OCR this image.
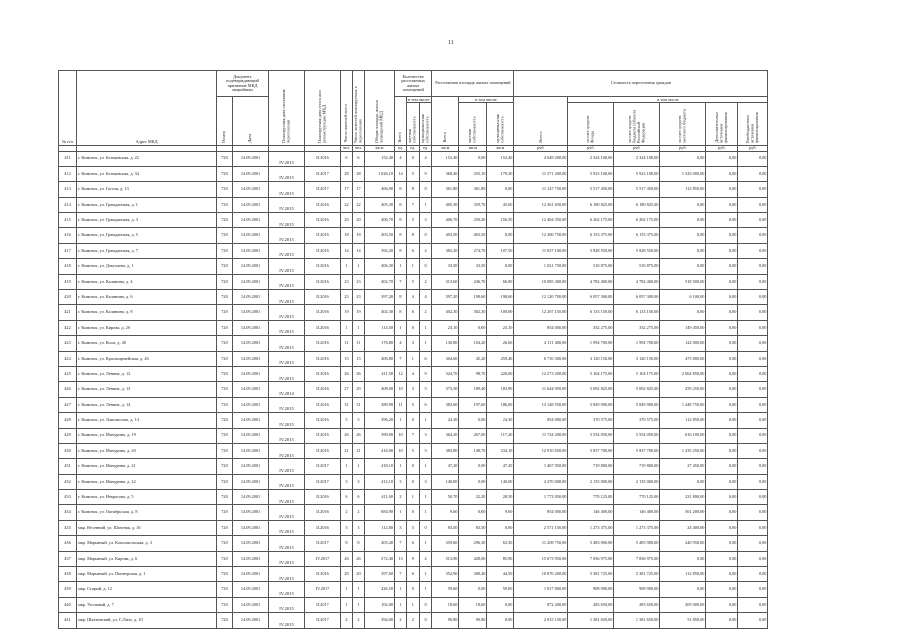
11
№ п/п	Адрес МКД	Документ, подтверждающий признание МКД аварийным		Планируемая дата окончания переселения	Планируемая дата сноса или реконструкции МКД	Число жителей всего	Число жителей планируемых к переселению	Общая площадь жилых помещений МКД	Количество расселяемых жилых помещений			Расселяемая площадь жилых помещений			Стоимость переселения граждан					
		Номер	Дата						Всего	в том числе:		Всего	в том числе:		Всего:	в том числе				
										частная собственность	муниципальная собственность		частная собственность	муниципальная собственность		за счет средств Фонда	за счет средств бюджета субъекта Российской Федерации	за счет средств местного бюджета	Дополнительные источники финансирования	Внебюджетные источники финансирования
						чел.	чел.	кв.м	ед.	ед.	ед.	кв.м	кв.м	кв.м	руб.	руб.	руб.	руб.	руб.	руб.
411	г. Кимовск, ул. Бельковская, д. 22	720	14.09.2001	IV.2015	II.2016	6	6	152,40	4	0	4	152,40	0,00	152,40	4 648 200,00	2 324 100,00	2 324 100,00	0,00	0,00	0,00
412	г. Кимовск, ул. Бельковская, д. 34	720	14.09.2001	IV.2015	II.2017	28	28	1 026,10	14	5	9	368,40	255,10	179,30	11 371 200,00	5 923 100,00	5 923 100,00	1 525 000,00	0,00	0,00
413	г. Кимовск, ул. Гоголя, д. 13	720	14.09.2001	IV.2015	II.2017	17	17	466,90	8	8	0	361,80	361,80	0,00	11 147 750,00	5 517 450,00	5 517 450,00	112 850,00	0,00	0,00
414	г. Кимовск, ул. Гражданская, д. 1	720	14.09.2001	IV.2015	II.2016	22	22	405,30	8	7	1	405,30	359,70	45,60	12 361 650,00	6 180 825,00	6 180 825,00	0,00	0,00	0,00
415	г. Кимовск, ул. Гражданская, д. 3	720	14.09.2001	IV.2015	II.2016	20	20	406,70	8	5	3	406,70	250,20	156,50	12 404 350,00	6 202 175,00	6 202 175,00	0,00	0,00	0,00
416	г. Кимовск, ул. Гражданская, д. 5	720	14.09.2001	IV.2015	II.2016	18	18	403,50	8	8	0	403,50	403,50	0,00	12 306 750,00	6 153 375,00	6 153 375,00	0,00	0,00	0,00
417	г. Кимовск, ул. Гражданская, д. 7	720	14.09.2001	IV.2015	II.2016	14	14	392,20	8	6	2	382,20	274,70	107,50	11 657 100,00	5 828 550,00	5 828 550,00	0,00	0,00	0,00
418	г. Кимовск, ул. Докучаева, д. 1	720	14.09.2001	IV.2015	II.2016	1	1	406,30	1	1	0	33,50	33,50	0,00	1 021 750,00	510 875,00	510 875,00	0,00	0,00	0,00
419	г. Кимовск, ул. Калинина, д. 4	720	14.09.2001	IV.2015	II.2016	23	23	402,70	7	5	2	313,60	246,70	66,90	10 085 300,00	4 782 400,00	4 782 400,00	518 500,00	0,00	0,00
420	г. Кимовск, ул. Калинина, д. 6	720	14.09.2001	IV.2015	II.2016	23	23	397,20	8	4	4	397,20	198,60	198,60	12 120 700,00	6 057 300,00	6 057 300,00	6 100,00	0,00	0,00
421	г. Кимовск, ул. Калинина, д. 8	720	14.09.2001	IV.2015	II.2016	19	19	402,30	8	6	2	402,30	302,30	100,00	12 267 150,00	6 133 150,00	6 133 150,00	0,00	0,00	0,00
422	г. Кимовск, ул. Кирова, д. 2б	720	14.09.2001	IV.2015	II.2016	1	1	114,50	1	0	1	23,10	0,00	23,10	854 000,00	352 275,00	352 275,00	149 450,00	0,00	0,00
423	г. Кимовск, ул. Кооп, д. 40	720	14.09.2001	IV.2015	II.2016	11	11	176,80	4	3	1	130,80	104,20	26,60	4 111 400,00	1 994 700,00	1 994 700,00	122 000,00	0,00	0,00
424	г. Кимовск, ул. Красноармейская, д. 26	720	14.09.2001	IV.2015	II.2016	15	15	406,80	7	1	6	304,60	45,20	259,40	6 716 300,00	3 120 150,00	3 120 150,00	475 800,00	0,00	0,00
425	г. Кимовск, ул. Ленина, д. 12	720	14.09.2001	IV.2015	II.2016	26	26	411,50	12	4	9	324,70	98,70	226,00	12 273 200,00	5 104 175,00	5 104 175,00	2 064 850,00	0,00	0,00
426	г. Кимовск, ул. Ленина, д. 13	720	14.09.2001	IV.2014	II.2016	27	29	408,00	10	3	5	373,30	189,40	183,90	11 644 950,00	5 692 825,00	5 692 825,00	259 250,00	0,00	0,00
427	г. Кимовск, ул. Ленина, д. 14	720	14.09.2001	IV.2015	II.2016	31	31	389,90	11	5	6	383,60	197,60	186,00	13 148 550,00	5 849 900,00	5 849 900,00	1 448 750,00	0,00	0,00
428	г. Кимовск, ул. Ломоносова, д. 14	720	14.09.2001	IV.2015	II.2016	5	5	396,20	1	0	1	24,30	0,00	24,30	854 000,00	370 575,00	370 575,00	112 850,00	0,00	0,00
429	г. Кимовск, ул. Мичурина, д. 19	720	14.09.2001	IV.2015	II.2016	26	26	399,00	10	7	3	364,20	267,00	117,20	11 724 200,00	5 554 050,00	5 554 050,00	616 100,00	0,00	0,00
430	г. Кимовск, ул. Мичурина, д. 20	720	14.09.2001	IV.2015	II.2016	21	21	416,90	10	5	5	383,80	148,70	234,10	12 910 650,00	5 837 700,00	5 837 700,00	1 235 250,00	0,00	0,00
431	г. Кимовск, ул. Мичурина, д. 21	720	14.09.2001	IV.2015	II.2017	1	1	418,10	1	0	1	47,20	0,00	47,20	1 467 050,00	719 800,00	719 800,00	27 450,00	0,00	0,00
432	г. Кимовск, ул. Мичурина, д. 22	720	14.09.2001	IV.2015	II.2017	3	3	412,10	3	0	3	140,00	0,00	140,00	4 270 000,00	2 135 000,00	2 135 000,00	0,00	0,00	0,00
433	г. Кимовск, ул. Некрасова, д. 5	720	14.09.2001	IV.2015	II.2016	6	6	411,00	2	1	1	50,70	22,20	28,50	1 772 050,00	770 125,00	770 125,00	231 800,00	0,00	0,00
434	г. Кимовск, ул. Октябрьская, д. 8	720	14.09.2001	IV.2015	II.2016	2	2	684,90	1	0	1	9,60	0,00	9,60	854 000,00	146 400,00	146 400,00	561 200,00	0,00	0,00
435	мкр. Весенний, ул. Шахтная, д. 16	720	14.09.2001	IV.2015	II.2016	3	3	112,80	3	3	0	83,50	83,50	0,00	2 571 150,00	1 273 375,00	1 273 375,00	24 400,00	0,00	0,00
436	мкр. Марьиный, ул. Комсомольская, д. 3	720	14.09.2001	IV.2015	II.2017	8	8	405,40	7	6	1	359,60	296,30	63,30	11 208 750,00	5 483 900,00	5 483 900,00	240 950,00	0,00	0,00
437	мкр. Марьиный, ул. Кирова, д. 6	720	14.09.2001	IV.2015	IV.2017	26	26	572,40	13	9	2	513,90	428,00	85,90	15 673 950,00	7 836 975,00	7 836 975,00	0,00	0,00	0,00
438	мкр. Марьиный, ул. Пионерская, д. 1	720	14.09.2001	IV.2015	II.2016	20	20	397,60	7	6	1	352,90	308,40	44,50	10 876 200,00	5 381 725,00	5 381 725,00	112 850,00	0,00	0,00
439	мкр. Старый, д. 12	720	14.09.2001	IV.2015	IV.2017	1	1	426,50	1	0	1	59,60	0,00	59,60	1 817 800,00	908 900,00	908 900,00	0,00	0,00	0,00
440	мкр. Угольный, д. 7	720	14.09.2001	IV.2015	II.2017	1	1	102,00	1	1	0	18,60	18,60	0,00	872 200,00	283 650,00	283 650,00	305 000,00	0,00	0,00
441	мкр. Шахтинский, ул. С.Лизо, д. 10	720	14.09.2001	IV.2015	II.2017	2	2	394,00	2	2	0	90,80	90,80	0,00	2 815 150,00	1 381 650,00	1 381 650,00	51 850,00	0,00	0,00
